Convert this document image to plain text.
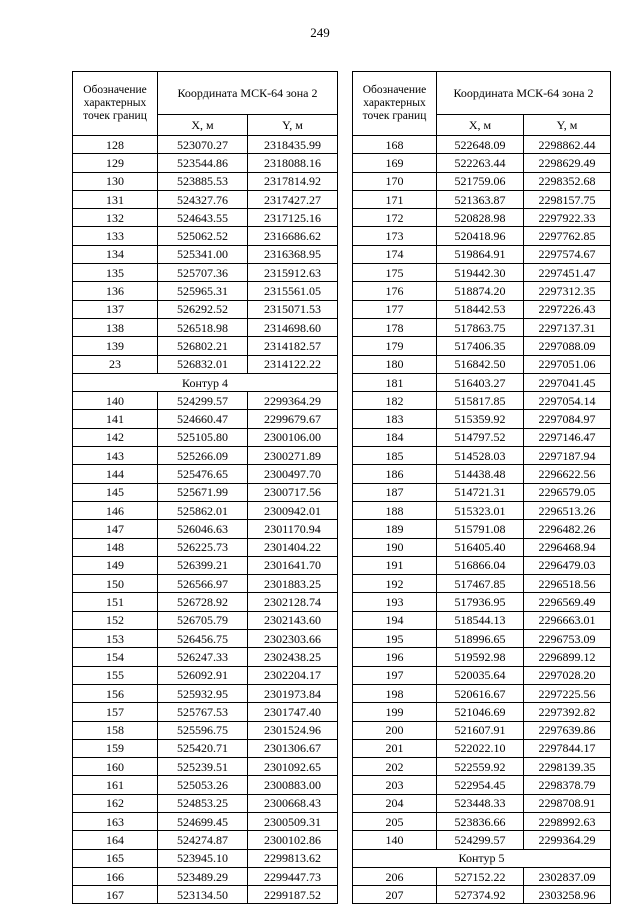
249
Обозначение характерных точек границ	Координата МСК-64 зона 2	
	X, м	Y, м
128	523070.27	2318435.99
129	523544.86	2318088.16
130	523885.53	2317814.92
131	524327.76	2317427.27
132	524643.55	2317125.16
133	525062.52	2316686.62
134	525341.00	2316368.95
135	525707.36	2315912.63
136	525965.31	2315561.05
137	526292.52	2315071.53
138	526518.98	2314698.60
139	526802.21	2314182.57
23	526832.01	2314122.22
Контур 4		
140	524299.57	2299364.29
141	524660.47	2299679.67
142	525105.80	2300106.00
143	525266.09	2300271.89
144	525476.65	2300497.70
145	525671.99	2300717.56
146	525862.01	2300942.01
147	526046.63	2301170.94
148	526225.73	2301404.22
149	526399.21	2301641.70
150	526566.97	2301883.25
151	526728.92	2302128.74
152	526705.79	2302143.60
153	526456.75	2302303.66
154	526247.33	2302438.25
155	526092.91	2302204.17
156	525932.95	2301973.84
157	525767.53	2301747.40
158	525596.75	2301524.96
159	525420.71	2301306.67
160	525239.51	2301092.65
161	525053.26	2300883.00
162	524853.25	2300668.43
163	524699.45	2300509.31
164	524274.87	2300102.86
165	523945.10	2299813.62
166	523489.29	2299447.73
167	523134.50	2299187.52
Обозначение характерных точек границ	Координата МСК-64 зона 2	
	X, м	Y, м
168	522648.09	2298862.44
169	522263.44	2298629.49
170	521759.06	2298352.68
171	521363.87	2298157.75
172	520828.98	2297922.33
173	520418.96	2297762.85
174	519864.91	2297574.67
175	519442.30	2297451.47
176	518874.20	2297312.35
177	518442.53	2297226.43
178	517863.75	2297137.31
179	517406.35	2297088.09
180	516842.50	2297051.06
181	516403.27	2297041.45
182	515817.85	2297054.14
183	515359.92	2297084.97
184	514797.52	2297146.47
185	514528.03	2297187.94
186	514438.48	2296622.56
187	514721.31	2296579.05
188	515323.01	2296513.26
189	515791.08	2296482.26
190	516405.40	2296468.94
191	516866.04	2296479.03
192	517467.85	2296518.56
193	517936.95	2296569.49
194	518544.13	2296663.01
195	518996.65	2296753.09
196	519592.98	2296899.12
197	520035.64	2297028.20
198	520616.67	2297225.56
199	521046.69	2297392.82
200	521607.91	2297639.86
201	522022.10	2297844.17
202	522559.92	2298139.35
203	522954.45	2298378.79
204	523448.33	2298708.91
205	523836.66	2298992.63
140	524299.57	2299364.29
Контур 5		
206	527152.22	2302837.09
207	527374.92	2303258.96
